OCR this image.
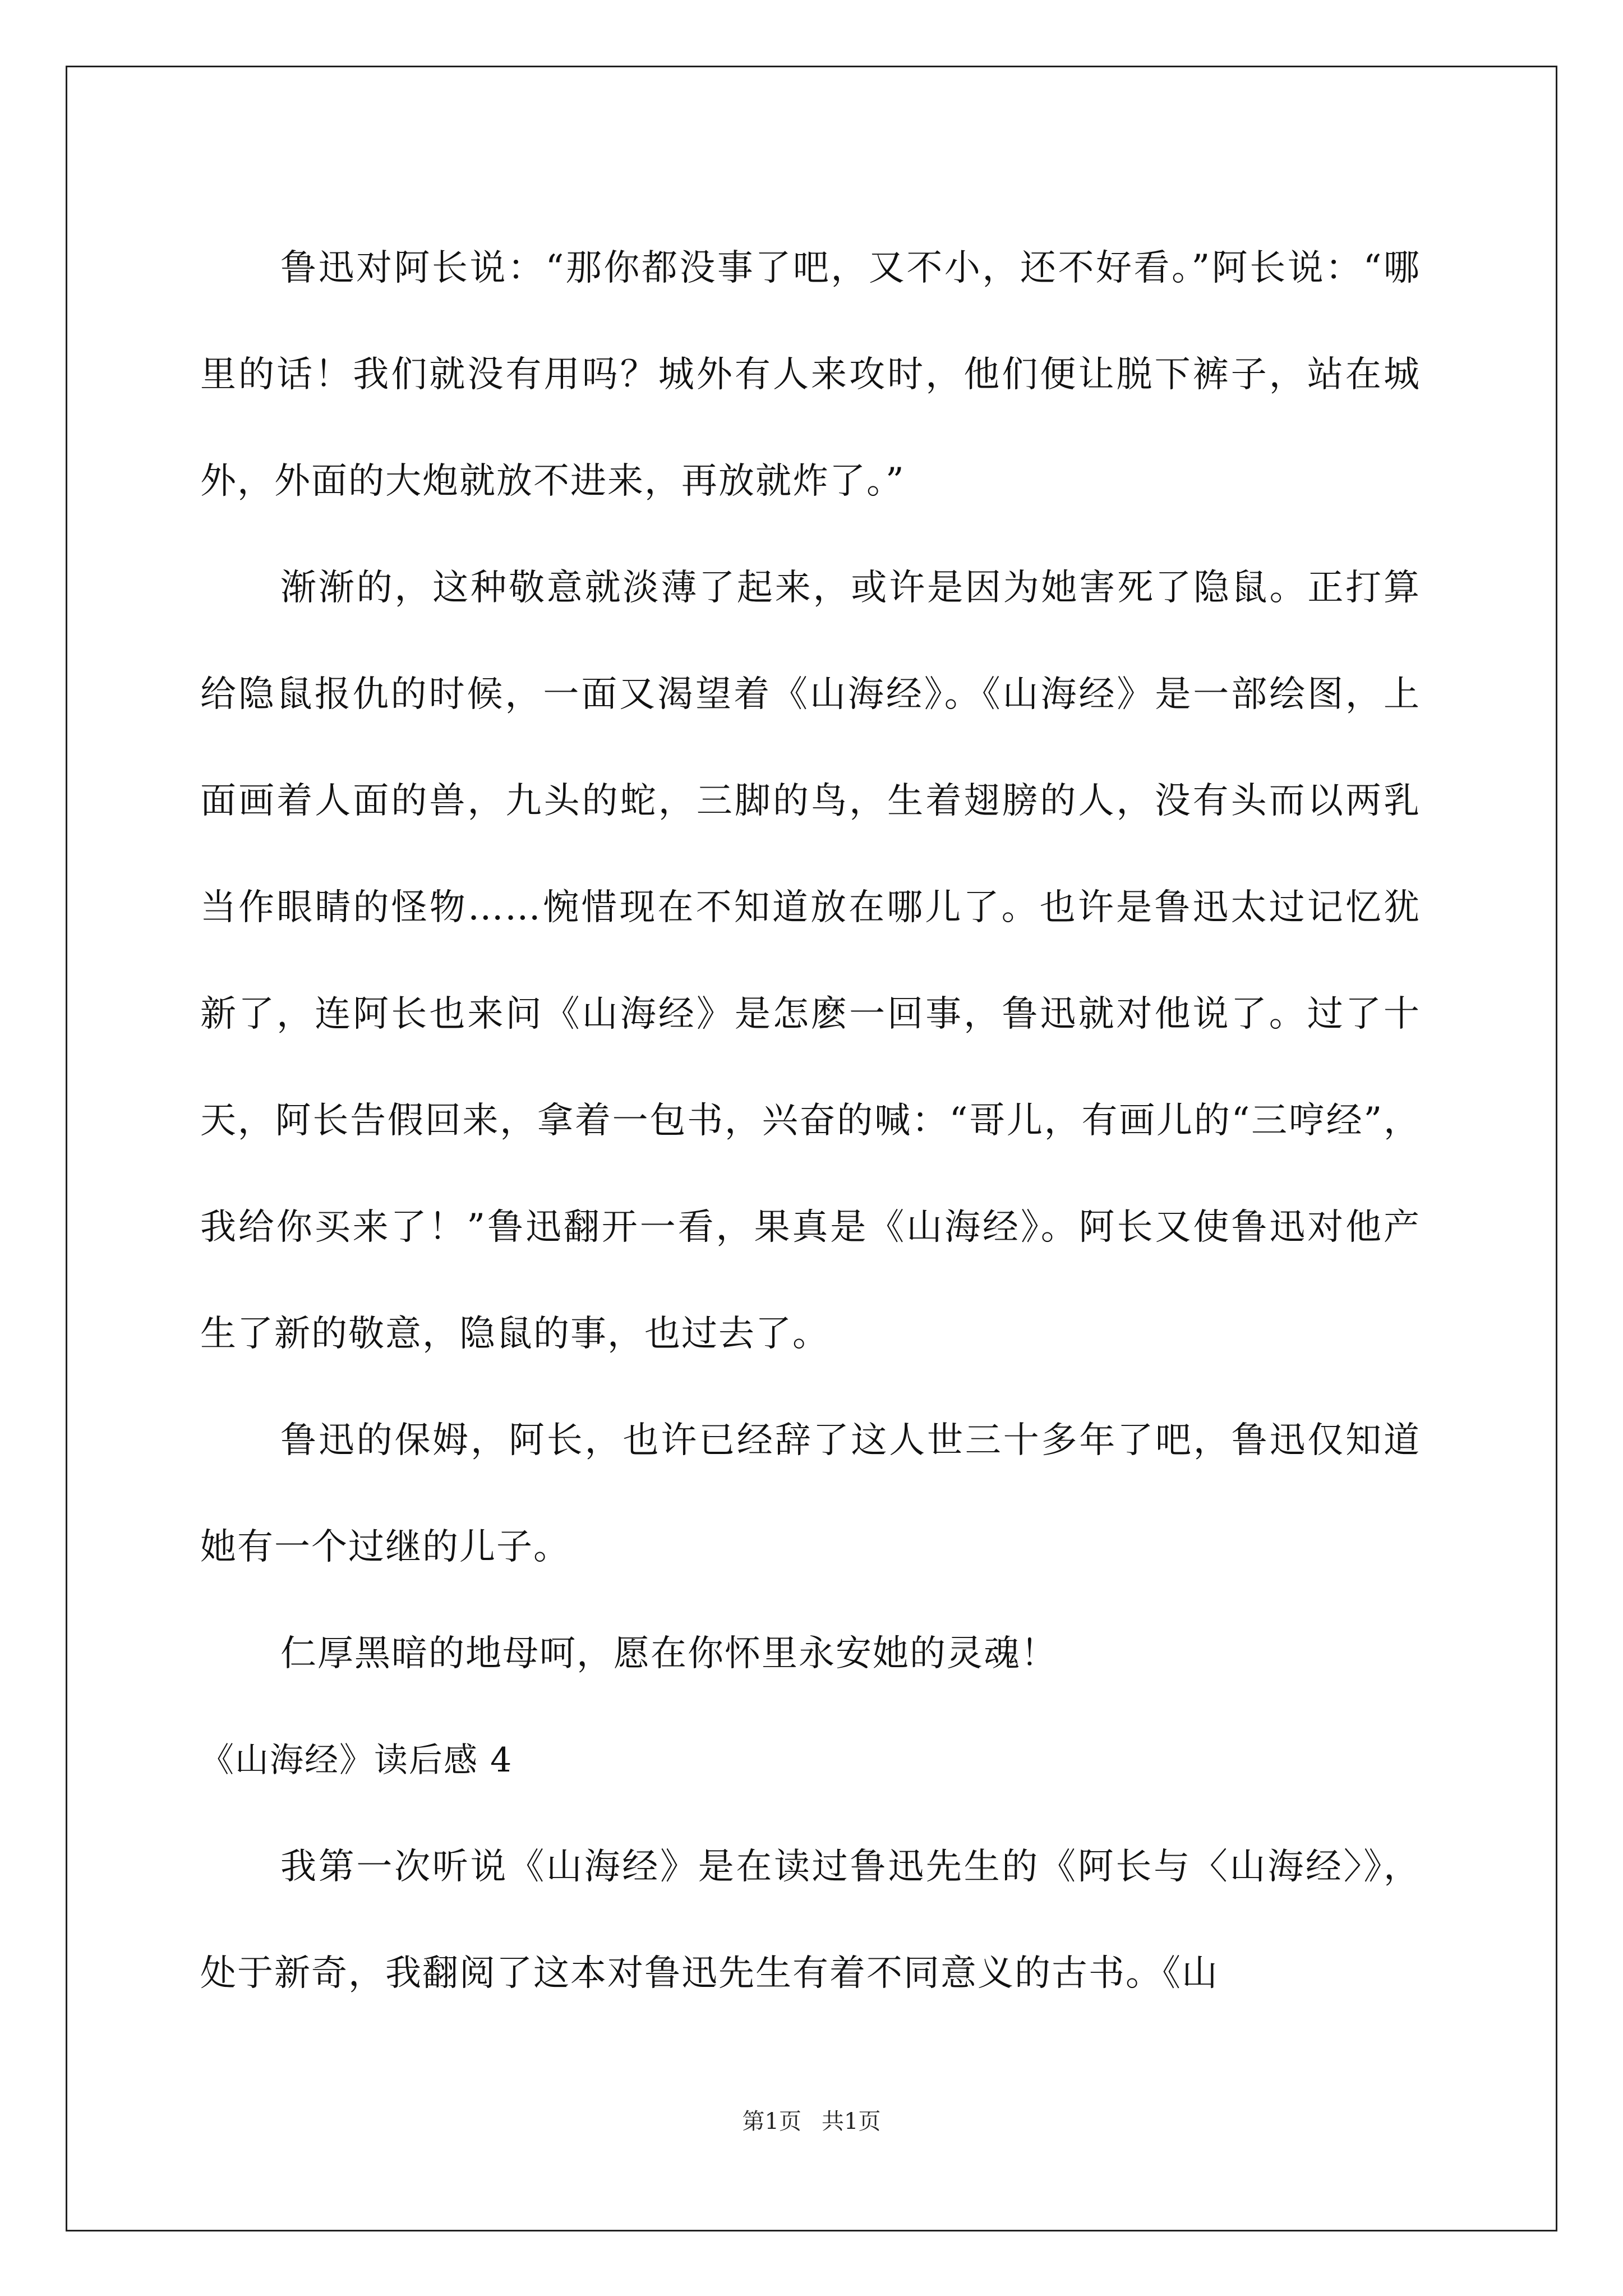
鲁迅对阿长说：“那你都没事了吧，又不小，还不好看。”阿长说：“哪里的话！我们就没有用吗？城外有人来攻时，他们便让脱下裤子，站在城外，外面的大炮就放不进来，再放就炸了。”

渐渐的，这种敬意就淡薄了起来，或许是因为她害死了隐鼠。正打算给隐鼠报仇的时候，一面又渴望着《山海经》。《山海经》是一部绘图，上面画着人面的兽，九头的蛇，三脚的鸟，生着翅膀的人，没有头而以两乳当作眼睛的怪物……惋惜现在不知道放在哪儿了。也许是鲁迅太过记忆犹新了，连阿长也来问《山海经》是怎麽一回事，鲁迅就对他说了。过了十天，阿长告假回来，拿着一包书，兴奋的喊：“哥儿，有画儿的“三哼经”，我给你买来了！”鲁迅翻开一看，果真是《山海经》。阿长又使鲁迅对他产生了新的敬意，隐鼠的事，也过去了。

鲁迅的保姆，阿长，也许已经辞了这人世三十多年了吧，鲁迅仅知道她有一个过继的儿子。

仁厚黑暗的地母呵，愿在你怀里永安她的灵魂！

《山海经》读后感 4

我第一次听说《山海经》是在读过鲁迅先生的《阿长与〈山海经〉》，处于新奇，我翻阅了这本对鲁迅先生有着不同意义的古书。《山

第1页 共1页
